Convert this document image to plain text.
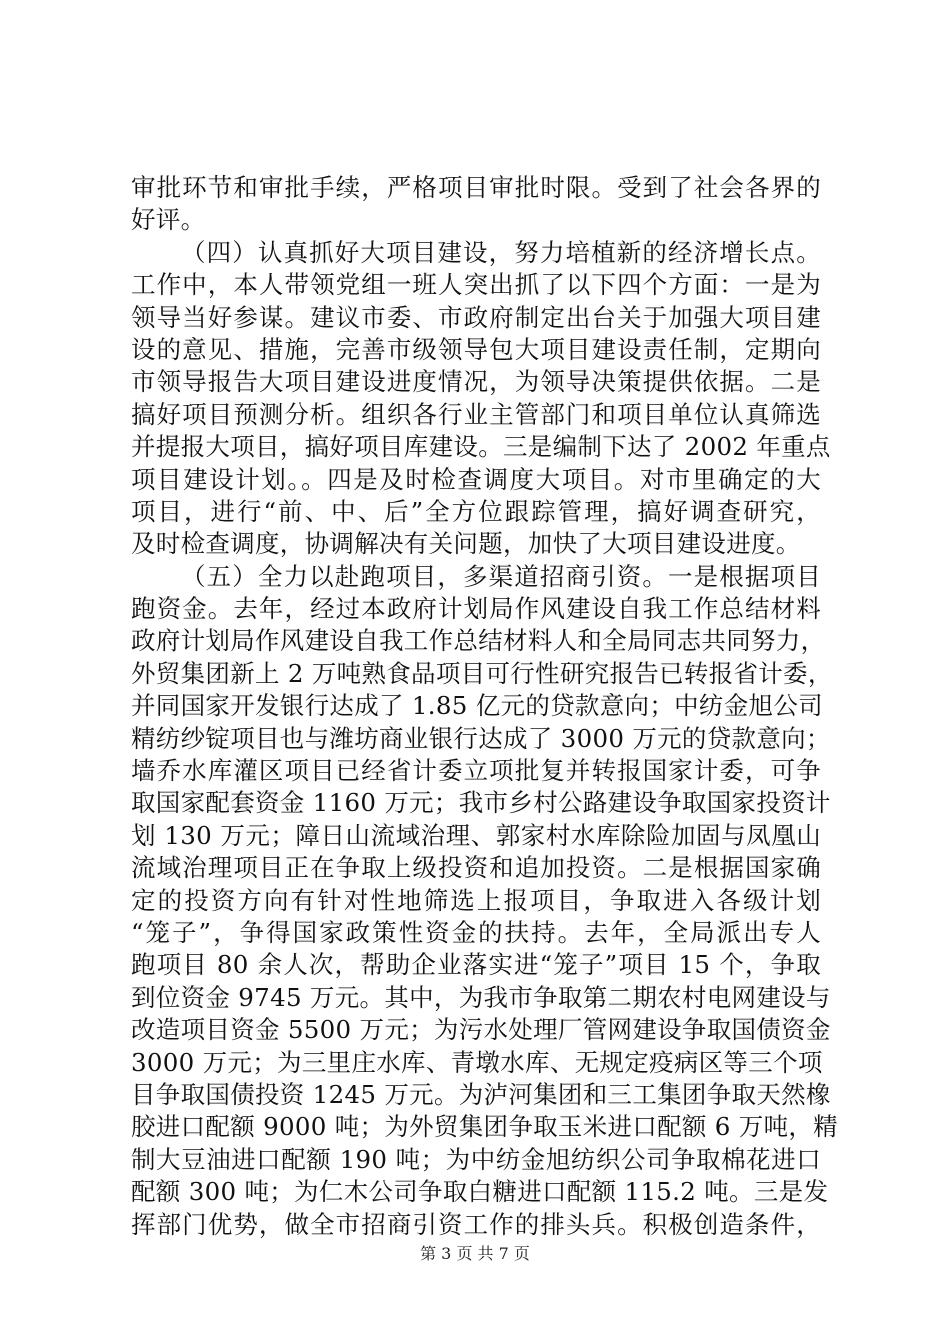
审批环节和审批手续，严格项目审批时限。受到了社会各界的
好评。
（四）认真抓好大项目建设，努力培植新的经济增长点。
工作中，本人带领党组一班人突出抓了以下四个方面：一是为
领导当好参谋。建议市委、市政府制定出台关于加强大项目建
设的意见、措施，完善市级领导包大项目建设责任制，定期向
市领导报告大项目建设进度情况，为领导决策提供依据。二是
搞好项目预测分析。组织各行业主管部门和项目单位认真筛选
并提报大项目，搞好项目库建设。三是编制下达了 2002 年重点
项目建设计划。。四是及时检查调度大项目。对市里确定的大
项目，进行“前、中、后”全方位跟踪管理，搞好调查研究，
及时检查调度，协调解决有关问题，加快了大项目建设进度。
（五）全力以赴跑项目，多渠道招商引资。一是根据项目
跑资金。去年，经过本政府计划局作风建设自我工作总结材料
政府计划局作风建设自我工作总结材料人和全局同志共同努力，
外贸集团新上 2 万吨熟食品项目可行性研究报告已转报省计委，
并同国家开发银行达成了 1.85 亿元的贷款意向；中纺金旭公司
精纺纱锭项目也与潍坊商业银行达成了 3000 万元的贷款意向；
墙乔水库灌区项目已经省计委立项批复并转报国家计委，可争
取国家配套资金 1160 万元；我市乡村公路建设争取国家投资计
划 130 万元；障日山流域治理、郭家村水库除险加固与凤凰山
流域治理项目正在争取上级投资和追加投资。二是根据国家确
定的投资方向有针对性地筛选上报项目，争取进入各级计划
“笼子”，争得国家政策性资金的扶持。去年，全局派出专人
跑项目 80 余人次，帮助企业落实进“笼子”项目 15 个，争取
到位资金 9745 万元。其中，为我市争取第二期农村电网建设与
改造项目资金 5500 万元；为污水处理厂管网建设争取国债资金
3000 万元；为三里庄水库、青墩水库、无规定疫病区等三个项
目争取国债投资 1245 万元。为泸河集团和三工集团争取天然橡
胶进口配额 9000 吨；为外贸集团争取玉米进口配额 6 万吨，精
制大豆油进口配额 190 吨；为中纺金旭纺织公司争取棉花进口
配额 300 吨；为仁木公司争取白糖进口配额 115.2 吨。三是发
挥部门优势，做全市招商引资工作的排头兵。积极创造条件，
第 3 页 共 7 页
